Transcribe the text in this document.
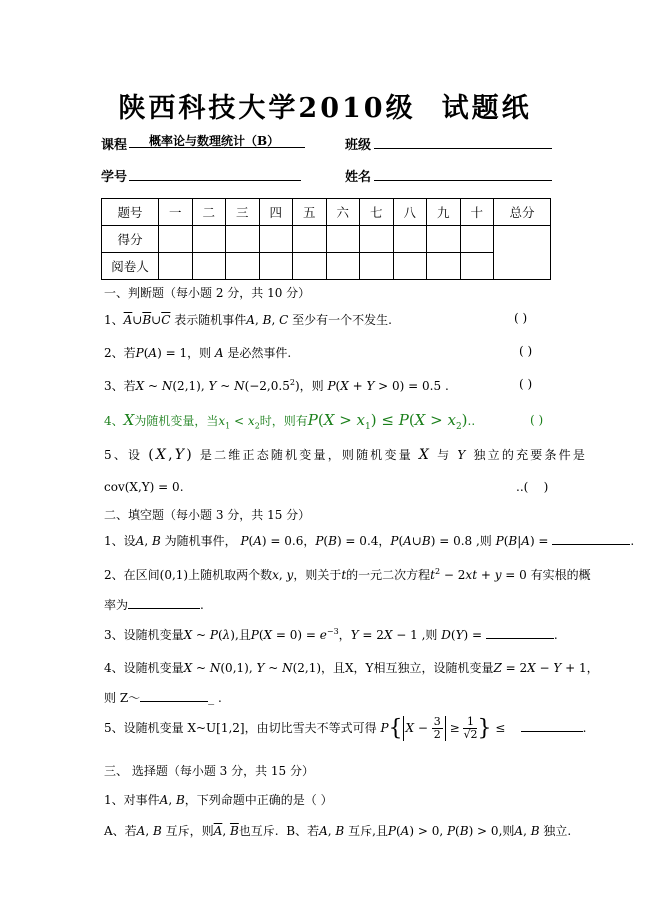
陕西科技大学2010级 试题纸
课程	概率论与数理统计（B）	班级
学号	姓名
题号	一	二	三	四	五	六	七	八	九	十	总分
得分											
阅卷人											
一、判断题（每小题 2 分，共 10 分）
1、$\overline{A}\cup\overline{B}\cup\overline{C}$ 表示随机事件A, B, C 至少有一个不发生.	( )
2、若P(A) = 1，则 A 是必然事件.	( )
3、若X ~ N(2,1), Y ~ $N(-2,0.5^2)$，则 P(X + Y > 0) = 0.5 .	( )
4、X为随机变量，当$x_1 < x_2$时，则有$P(X > x_1) \le P(X > x_2)$..	( )
5、设 (X,Y) 是二维正态随机变量，则随机变量 X 与 Y 独立的充要条件是
cov(X,Y) = 0.	..(    )
二、填空题（每小题 3 分，共 15 分）
1、设A, B 为随机事件， P(A) = 0.6，P(B) = 0.4，P(A∪B) = 0.8 ,则 P(B|A) =	.
2、在区间(0,1)上随机取两个数x, y，则关于t的一元二次方程$t^2 - 2xt + y = 0$ 有实根的概
率为	.
3、设随机变量X ~ P(λ),且$P(X = 0) = e^{-3}$，Y = 2X − 1 ,则 D(Y) =	.
4、设随机变量X ~ N(0,1), Y ~ N(2,1)，且X，Y相互独立，设随机变量Z = 2X − Y + 1，
则 Z～	_ .
5、设随机变量 X~U[1,2]，由切比雪夫不等式可得 P{ $X - \frac{3}{2} \ge \frac{1}{√2}$ } ≤	.
三、 选择题（每小题 3 分，共 15 分）
1、对事件A, B，下列命题中正确的是（ ）
A、若A, B 互斥，则$\overline{A}$, $\overline{B}$也互斥. B、若A, B 互斥,且P(A) > 0, P(B) > 0,则A, B 独立.
